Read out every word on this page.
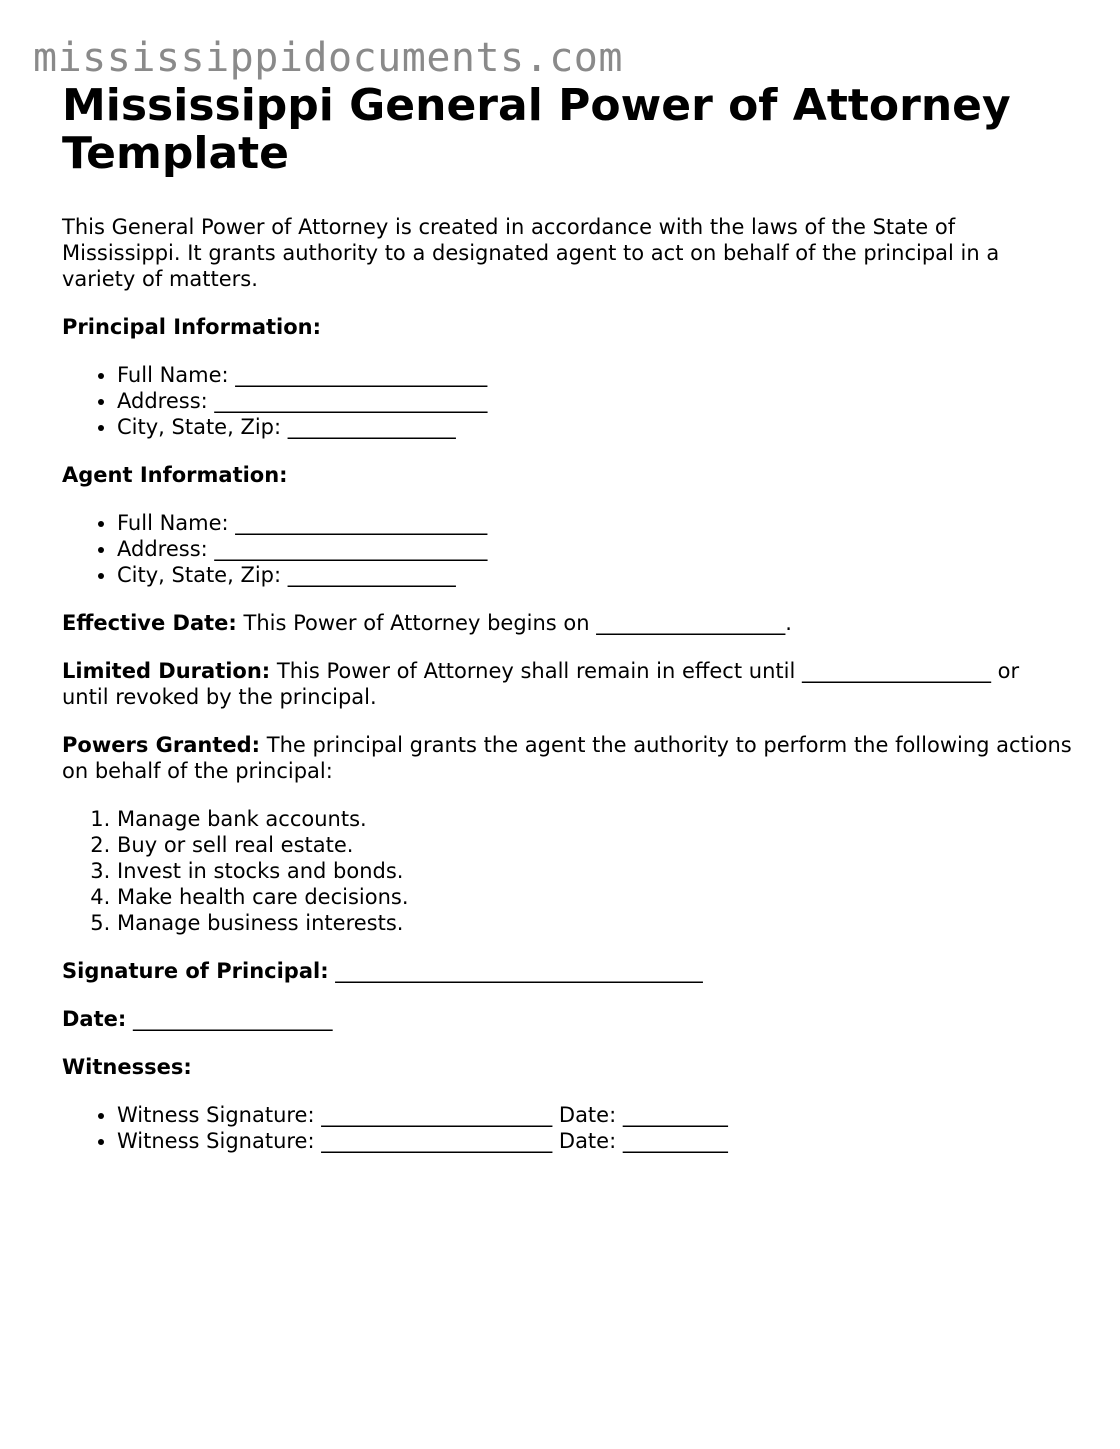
mississippidocuments.com
Mississippi General Power of Attorney Template

This General Power of Attorney is created in accordance with the laws of the State of Mississippi. It grants authority to a designated agent to act on behalf of the principal in a variety of matters.

Principal Information:

• Full Name: ________________________
• Address: __________________________
• City, State, Zip: ________________

Agent Information:

• Full Name: ________________________
• Address: __________________________
• City, State, Zip: ________________

Effective Date: This Power of Attorney begins on __________________.

Limited Duration: This Power of Attorney shall remain in effect until __________________ or until revoked by the principal.

Powers Granted: The principal grants the agent the authority to perform the following actions on behalf of the principal:

1. Manage bank accounts.
2. Buy or sell real estate.
3. Invest in stocks and bonds.
4. Make health care decisions.
5. Manage business interests.

Signature of Principal: ___________________________________

Date: ___________________

Witnesses:

• Witness Signature: ______________________ Date: __________
• Witness Signature: ______________________ Date: __________
